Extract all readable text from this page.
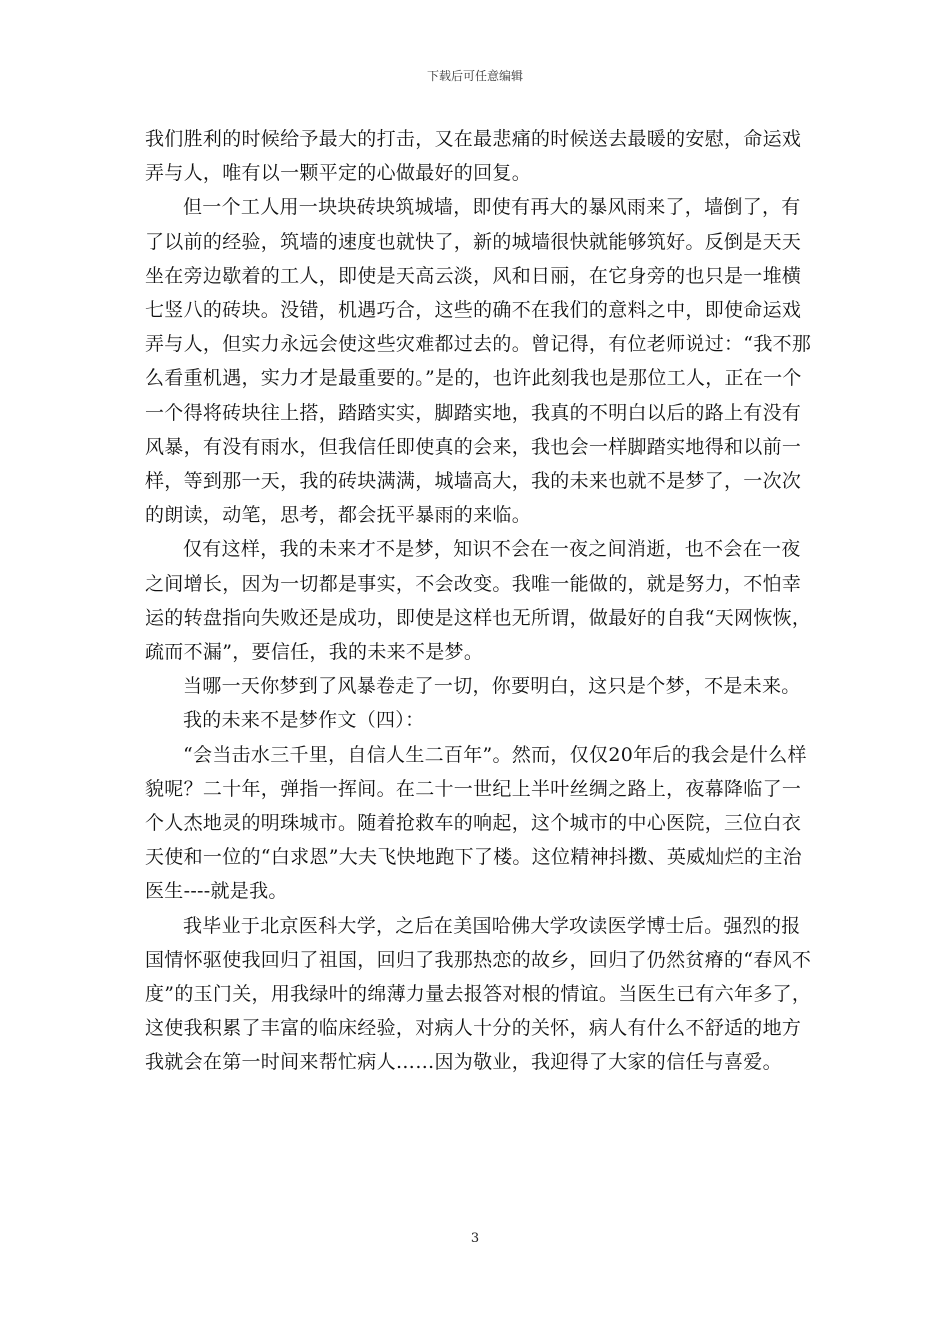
下载后可任意编辑

我们胜利的时候给予最大的打击，又在最悲痛的时候送去最暖的安慰，命运戏弄与人，唯有以一颗平定的心做最好的回复。

但一个工人用一块块砖块筑城墙，即使有再大的暴风雨来了，墙倒了，有了以前的经验，筑墙的速度也就快了，新的城墙很快就能够筑好。反倒是天天坐在旁边歇着的工人，即使是天高云淡，风和日丽，在它身旁的也只是一堆横七竖八的砖块。没错，机遇巧合，这些的确不在我们的意料之中，即使命运戏弄与人，但实力永远会使这些灾难都过去的。曾记得，有位老师说过：“我不那么看重机遇，实力才是最重要的。”是的，也许此刻我也是那位工人，正在一个一个得将砖块往上搭，踏踏实实，脚踏实地，我真的不明白以后的路上有没有风暴，有没有雨水，但我信任即使真的会来，我也会一样脚踏实地得和以前一样，等到那一天，我的砖块满满，城墙高大，我的未来也就不是梦了，一次次的朗读，动笔，思考，都会抚平暴雨的来临。

仅有这样，我的未来才不是梦，知识不会在一夜之间消逝，也不会在一夜之间增长，因为一切都是事实，不会改变。我唯一能做的，就是努力，不怕幸运的转盘指向失败还是成功，即使是这样也无所谓，做最好的自我“天网恢恢，疏而不漏”，要信任，我的未来不是梦。

当哪一天你梦到了风暴卷走了一切，你要明白，这只是个梦，不是未来。

我的未来不是梦作文（四）：

“会当击水三千里，自信人生二百年”。然而，仅仅20年后的我会是什么样貌呢？二十年，弹指一挥间。在二十一世纪上半叶丝绸之路上，夜幕降临了一个人杰地灵的明珠城市。随着抢救车的响起，这个城市的中心医院，三位白衣天使和一位的“白求恩”大夫飞快地跑下了楼。这位精神抖擞、英威灿烂的主治医生----就是我。

我毕业于北京医科大学，之后在美国哈佛大学攻读医学博士后。强烈的报国情怀驱使我回归了祖国，回归了我那热恋的故乡，回归了仍然贫瘠的“春风不度”的玉门关，用我绿叶的绵薄力量去报答对根的情谊。当医生已有六年多了，这使我积累了丰富的临床经验，对病人十分的关怀，病人有什么不舒适的地方我就会在第一时间来帮忙病人……因为敬业，我迎得了大家的信任与喜爱。

3
